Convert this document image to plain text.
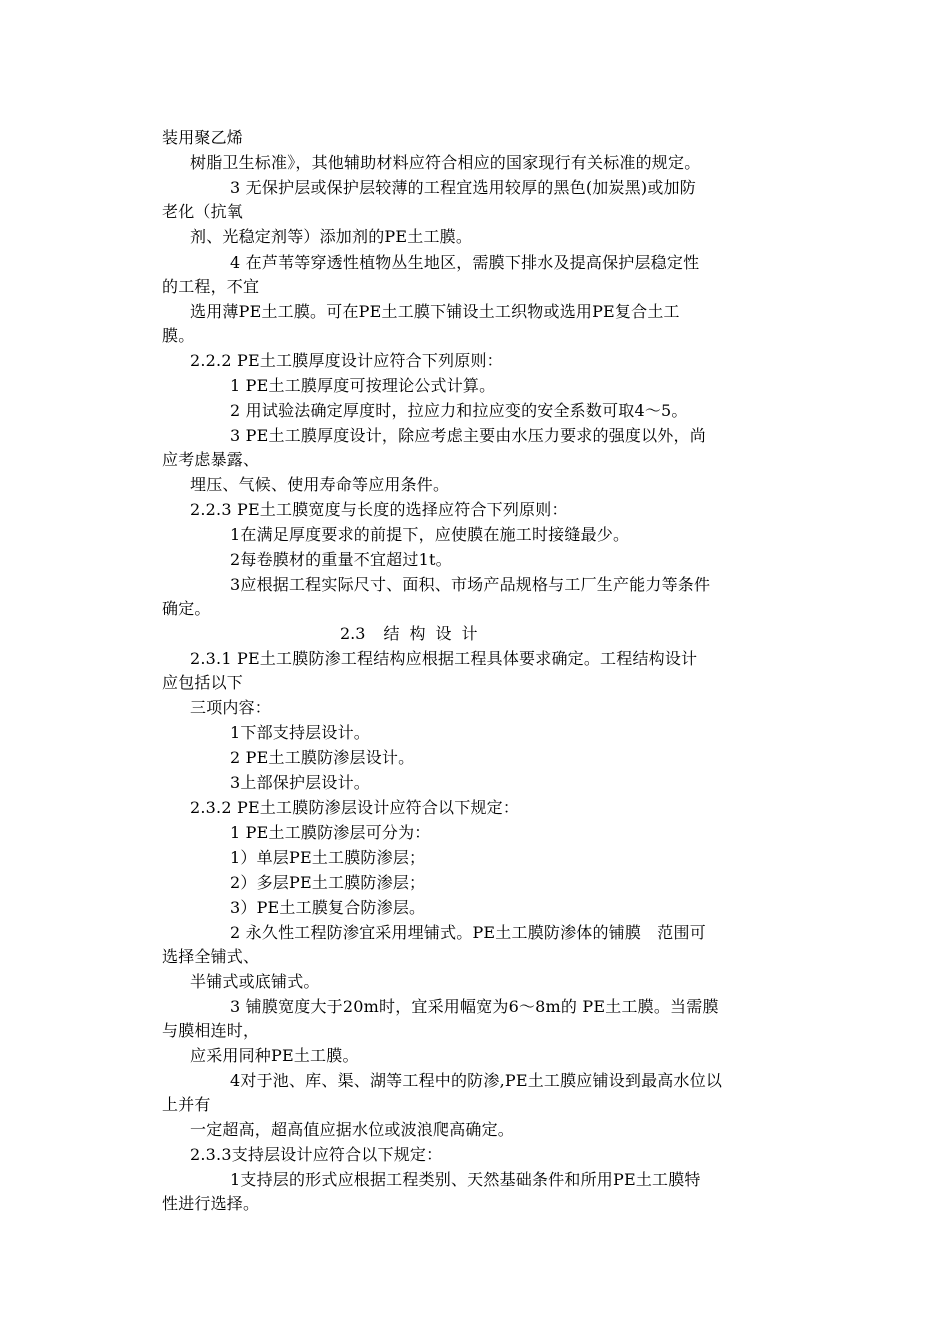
装用聚乙烯
树脂卫生标准》，其他辅助材料应符合相应的国家现行有关标准的规定。
3 无保护层或保护层较薄的工程宜选用较厚的黑色(加炭黑)或加防
老化（抗氧
剂、光稳定剂等）添加剂的PE土工膜。
4 在芦苇等穿透性植物丛生地区，需膜下排水及提高保护层稳定性
的工程，不宜
选用薄PE土工膜。可在PE土工膜下铺设土工织物或选用PE复合土工
膜。
2.2.2 PE土工膜厚度设计应符合下列原则：
1 PE土工膜厚度可按理论公式计算。
2 用试验法确定厚度时，拉应力和拉应变的安全系数可取4～5。
3 PE土工膜厚度设计，除应考虑主要由水压力要求的强度以外，尚
应考虑暴露、
埋压、气候、使用寿命等应用条件。
2.2.3 PE土工膜宽度与长度的选择应符合下列原则：
1在满足厚度要求的前提下，应使膜在施工时接缝最少。
2每卷膜材的重量不宜超过1t。
3应根据工程实际尺寸、面积、市场产品规格与工厂生产能力等条件
确定。
2.3 结构设计
2.3.1 PE土工膜防渗工程结构应根据工程具体要求确定。工程结构设计
应包括以下
三项内容：
1下部支持层设计。
2 PE土工膜防渗层设计。
3上部保护层设计。
2.3.2 PE土工膜防渗层设计应符合以下规定：
1 PE土工膜防渗层可分为：
1）单层PE土工膜防渗层；
2）多层PE土工膜防渗层；
3）PE土工膜复合防渗层。
2 永久性工程防渗宜采用埋铺式。PE土工膜防渗体的铺膜　范围可
选择全铺式、
半铺式或底铺式。
3 铺膜宽度大于20m时，宜采用幅宽为6～8m的 PE土工膜。当需膜
与膜相连时，
应采用同种PE土工膜。
4对于池、库、渠、湖等工程中的防渗,PE土工膜应铺设到最高水位以
上并有
一定超高，超高值应据水位或波浪爬高确定。
2.3.3支持层设计应符合以下规定：
1支持层的形式应根据工程类别、天然基础条件和所用PE土工膜特
性进行选择。
